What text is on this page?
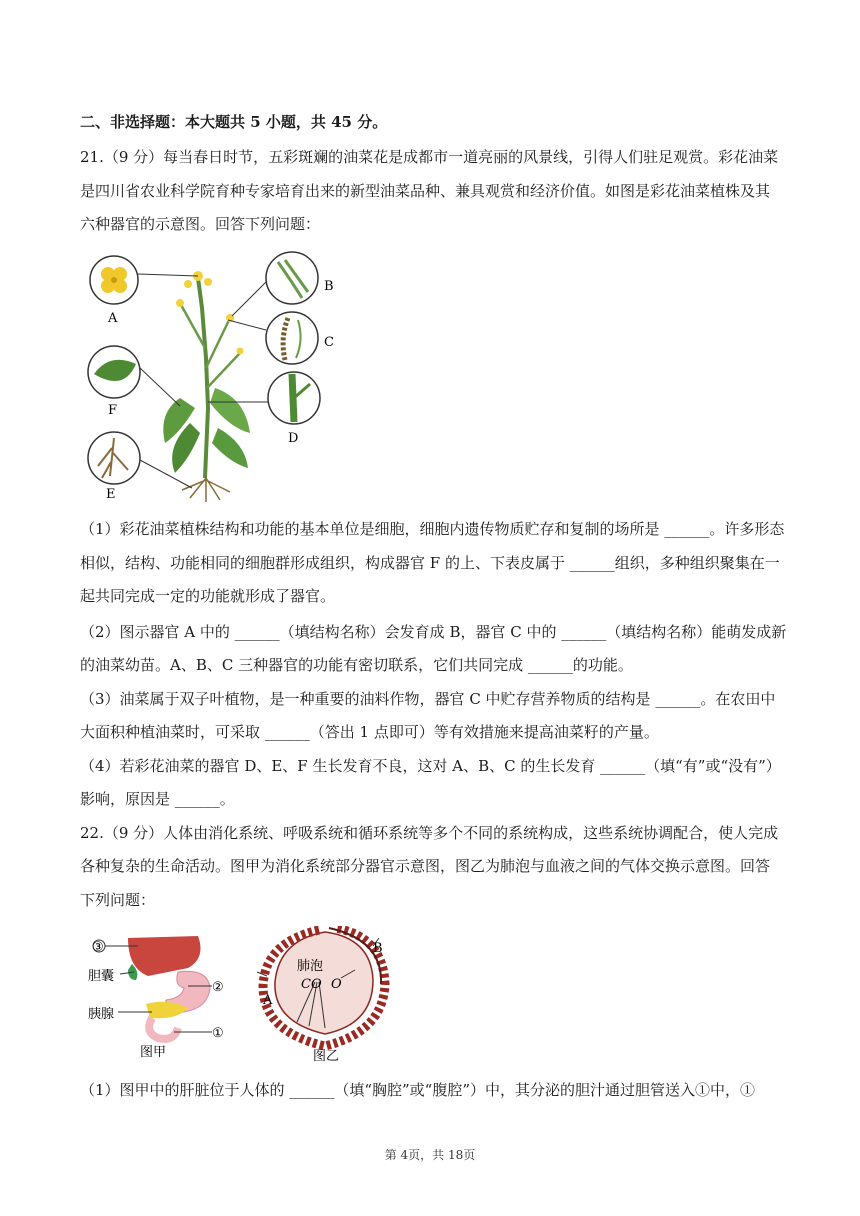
二、非选择题：本大题共 5 小题，共 45 分。
21.（9 分）每当春日时节，五彩斑斓的油菜花是成都市一道亮丽的风景线，引得人们驻足观赏。彩花油菜
是四川省农业科学院育种专家培育出来的新型油菜品种、兼具观赏和经济价值。如图是彩花油菜植株及其
六种器官的示意图。回答下列问题：
A
B
C
D
E
F
（1）彩花油菜植株结构和功能的基本单位是细胞，细胞内遗传物质贮存和复制的场所是 ______。许多形态
相似，结构、功能相同的细胞群形成组织，构成器官 F 的上、下表皮属于 ______组织，多种组织聚集在一
起共同完成一定的功能就形成了器官。
（2）图示器官 A 中的 ______（填结构名称）会发育成 B，器官 C 中的 ______（填结构名称）能萌发成新
的油菜幼苗。A、B、C 三种器官的功能有密切联系，它们共同完成 ______的功能。
（3）油菜属于双子叶植物，是一种重要的油料作物，器官 C 中贮存营养物质的结构是 ______。在农田中
大面积种植油菜时，可采取 ______（答出 1 点即可）等有效措施来提高油菜籽的产量。
（4）若彩花油菜的器官 D、E、F 生长发育不良，这对 A、B、C 的生长发育 ______（填“有”或“没有”）
影响，原因是 ______。
22.（9 分）人体由消化系统、呼吸系统和循环系统等多个不同的系统构成，这些系统协调配合，使人完成
各种复杂的生命活动。图甲为消化系统部分器官示意图，图乙为肺泡与血液之间的气体交换示意图。回答
下列问题：
③
②
①
胆囊
胰腺
图甲
肺泡
O
CO
A
B
图乙
（1）图甲中的肝脏位于人体的 ______（填“胸腔”或“腹腔”）中，其分泌的胆汁通过胆管送入①中，①
第 4页，共 18页
